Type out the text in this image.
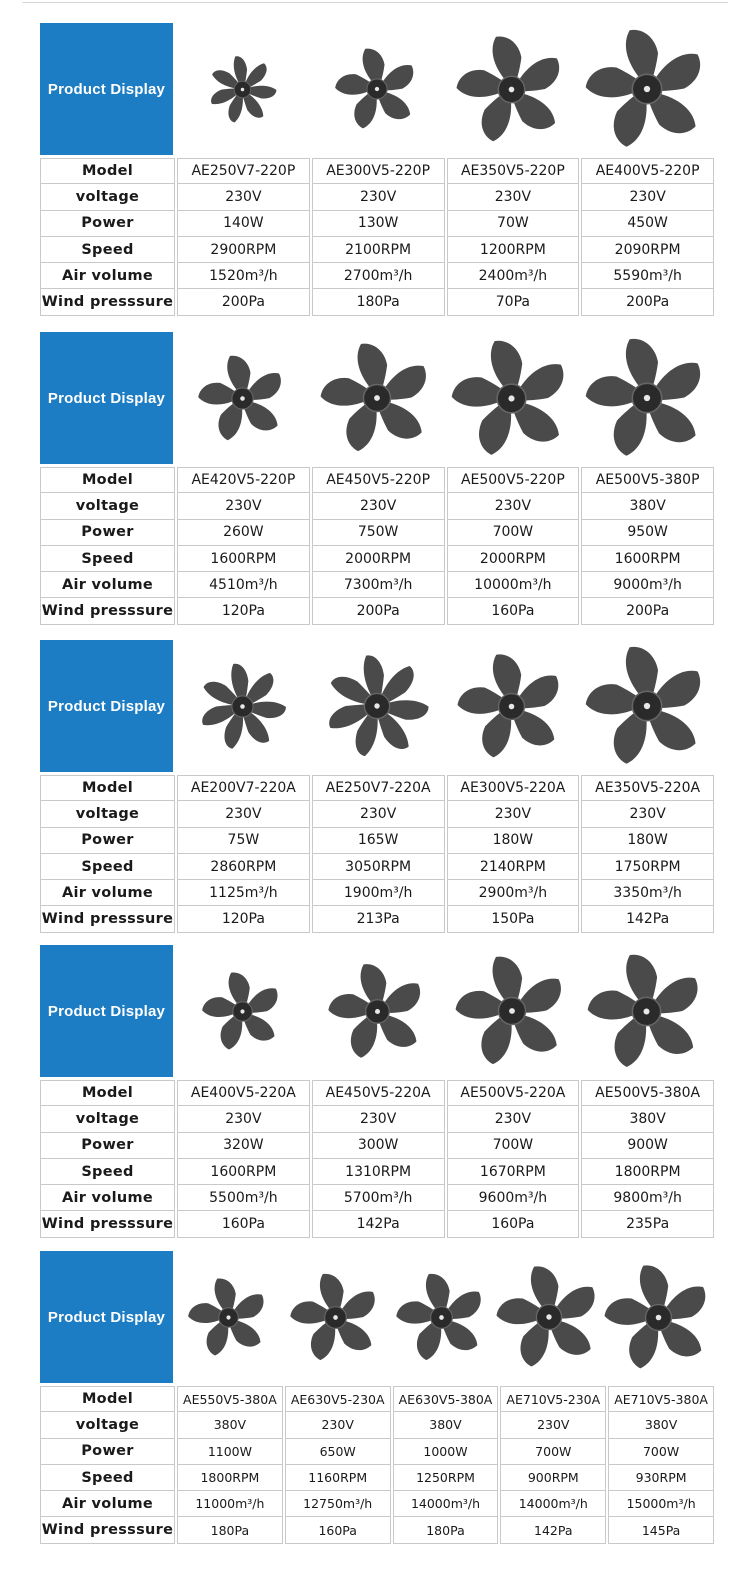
Product Display
Model	AE250V7-220P	AE300V5-220P	AE350V5-220P	AE400V5-220P
voltage	230V	230V	230V	230V
Power	140W	130W	70W	450W
Speed	2900RPM	2100RPM	1200RPM	2090RPM
Air volume	1520m³/h	2700m³/h	2400m³/h	5590m³/h
Wind presssure	200Pa	180Pa	70Pa	200Pa
Product Display
Model	AE420V5-220P	AE450V5-220P	AE500V5-220P	AE500V5-380P
voltage	230V	230V	230V	380V
Power	260W	750W	700W	950W
Speed	1600RPM	2000RPM	2000RPM	1600RPM
Air volume	4510m³/h	7300m³/h	10000m³/h	9000m³/h
Wind presssure	120Pa	200Pa	160Pa	200Pa
Product Display
Model	AE200V7-220A	AE250V7-220A	AE300V5-220A	AE350V5-220A
voltage	230V	230V	230V	230V
Power	75W	165W	180W	180W
Speed	2860RPM	3050RPM	2140RPM	1750RPM
Air volume	1125m³/h	1900m³/h	2900m³/h	3350m³/h
Wind presssure	120Pa	213Pa	150Pa	142Pa
Product Display
Model	AE400V5-220A	AE450V5-220A	AE500V5-220A	AE500V5-380A
voltage	230V	230V	230V	380V
Power	320W	300W	700W	900W
Speed	1600RPM	1310RPM	1670RPM	1800RPM
Air volume	5500m³/h	5700m³/h	9600m³/h	9800m³/h
Wind presssure	160Pa	142Pa	160Pa	235Pa
Product Display
Model	AE550V5-380A	AE630V5-230A	AE630V5-380A	AE710V5-230A	AE710V5-380A
voltage	380V	230V	380V	230V	380V
Power	1100W	650W	1000W	700W	700W
Speed	1800RPM	1160RPM	1250RPM	900RPM	930RPM
Air volume	11000m³/h	12750m³/h	14000m³/h	14000m³/h	15000m³/h
Wind presssure	180Pa	160Pa	180Pa	142Pa	145Pa
